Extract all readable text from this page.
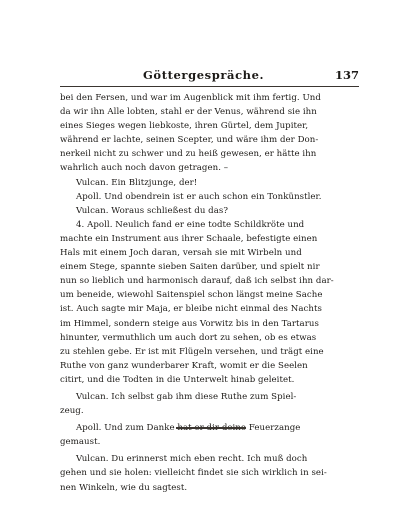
Göttergespräche.	137
bei den Fersen, und war im Augenblick mit ihm fertig. Und
da wir ihn Alle lobten, stahl er der Venus, während sie ihn
eines Sieges wegen liebkoste, ihren Gürtel, dem Jupiter,
während er lachte, seinen Scepter, und wäre ihm der Don-
nerkeil nicht zu schwer und zu heiß gewesen, er hätte ihn
wahrlich auch noch davon getragen. –
Vulcan. Ein Blitzjunge, der!
Apoll. Und obendrein ist er auch schon ein Tonkünstler.
Vulcan. Woraus schließest du das?
4. Apoll. Neulich fand er eine todte Schildkröte und
machte ein Instrument aus ihrer Schaale, befestigte einen
Hals mit einem Joch daran, versah sie mit Wirbeln und
einem Stege, spannte sieben Saiten darüber, und spielt nir
nun so lieblich und harmonisch darauf, daß ich selbst ihn dar-
um beneide, wiewohl Saitenspiel schon längst meine Sache
ist. Auch sagte mir Maja, er bleibe nicht einmal des Nachts
im Himmel, sondern steige aus Vorwitz bis in den Tartarus
hinunter, vermuthlich um auch dort zu sehen, ob es etwas
zu stehlen gebe. Er ist mit Flügeln versehen, und trägt eine
Ruthe von ganz wunderbarer Kraft, womit er die Seelen
citirt, und die Todten in die Unterwelt hinab geleitet.
Vulcan. Ich selbst gab ihm diese Ruthe zum Spiel-
zeug.
Apoll. Und zum Danke hat er dir deine Feuerzange
gemaust.
Vulcan. Du erinnerst mich eben recht. Ich muß doch
gehen und sie holen: vielleicht findet sie sich wirklich in sei-
nen Winkeln, wie du sagtest.
